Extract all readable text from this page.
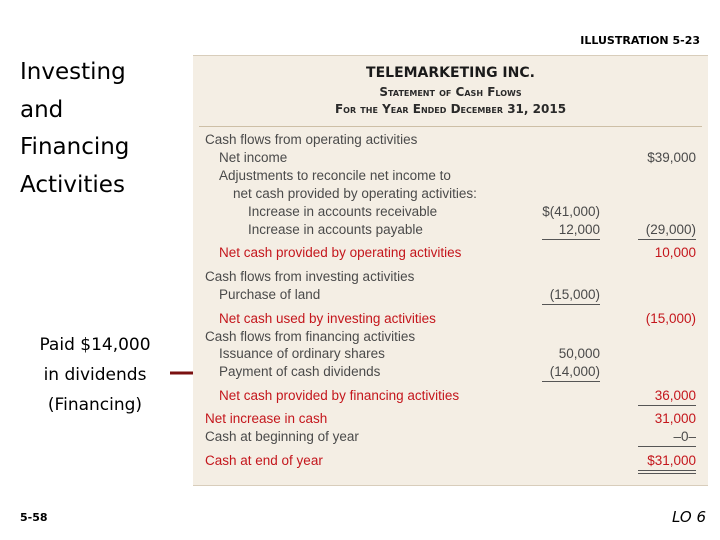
ILLUSTRATION 5-23
Investing
and
Financing
Activities
Paid $14,000
in dividends
(Financing)
TELEMARKETING INC.
Statement of Cash Flows
For the Year Ended December 31, 2015
Cash flows from operating activities
Net income	$39,000
Adjustments to reconcile net income to
net cash provided by operating activities:
Increase in accounts receivable	$(41,000)
Increase in accounts payable	12,000	(29,000)
Net cash provided by operating activities	10,000
Cash flows from investing activities
Purchase of land	(15,000)
Net cash used by investing activities	(15,000)
Cash flows from financing activities
Issuance of ordinary shares	50,000
Payment of cash dividends	(14,000)
Net cash provided by financing activities	36,000
Net increase in cash	31,000
Cash at beginning of year	–0–
Cash at end of year	$31,000
5-58	LO 6
